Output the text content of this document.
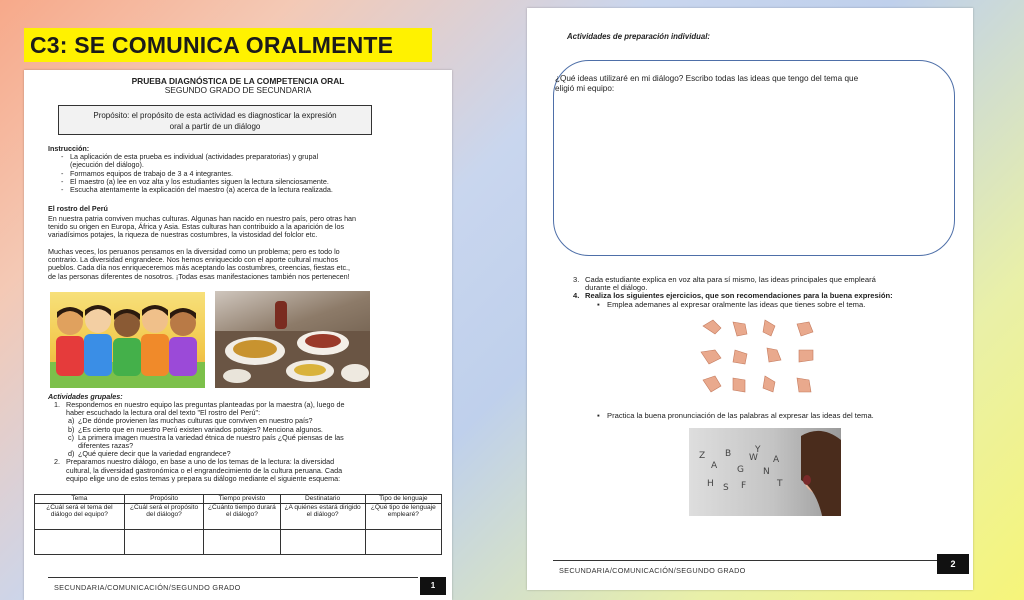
C3: SE COMUNICA ORALMENTE
PRUEBA DIAGNÓSTICA DE LA COMPETENCIA ORAL
SEGUNDO GRADO DE SECUNDARIA
Propósito: el propósito de esta actividad es diagnosticar la expresión
oral a partir de un diálogo
Instrucción:
- La aplicación de esta prueba es individual (actividades preparatorias) y grupal
(ejecución del diálogo).
- Formamos equipos de trabajo de 3 a 4 integrantes.
- El maestro (a) lee en voz alta y los estudiantes siguen la lectura silenciosamente.
- Escucha atentamente la explicación del maestro (a) acerca de la lectura realizada.
El rostro del Perú
En nuestra patria conviven muchas culturas. Algunas han nacido en nuestro país, pero otras han
tenido su origen en Europa, África y Asia. Estas culturas han contribuido a la aparición de los
variadísimos potajes, la riqueza de nuestras costumbres, la vistosidad del folclor etc.
Muchas veces, los peruanos pensamos en la diversidad como un problema; pero es todo lo
contrario. La diversidad engrandece. Nos hemos enriquecido con el aporte cultural muchos
pueblos. Cada día nos enriqueceremos más aceptando las costumbres, creencias, fiestas etc.,
de las personas diferentes de nosotros. ¡Todas esas manifestaciones también nos pertenecen!
Actividades grupales:
1. Respondemos en nuestro equipo las preguntas planteadas por la maestra (a), luego de
haber escuchado la lectura oral del texto "El rostro del Perú":
a) ¿De dónde provienen las muchas culturas que conviven en nuestro país?
b) ¿Es cierto que en nuestro Perú existen variados potajes? Menciona algunos.
c) La primera imagen muestra la variedad étnica de nuestro país ¿Qué piensas de las
diferentes razas?
d) ¿Qué quiere decir que la variedad engrandece?
2. Preparamos nuestro diálogo, en base a uno de los temas de la lectura: la diversidad
cultural, la diversidad gastronómica o el engrandecimiento de la cultura peruana. Cada
equipo elige uno de estos temas y prepara su diálogo mediante el siguiente esquema:
Tema	Propósito	Tiempo previsto	Destinatario	Tipo de lenguaje
¿Cuál será el tema del diálogo del equipo?	¿Cuál será el propósito del diálogo?	¿Cuánto tiempo durará el diálogo?	¿A quiénes estará dirigido el diálogo?	¿Qué tipo de lenguaje emplearé?

SECUNDARIA/COMUNICACIÓN/SEGUNDO GRADO	1
Actividades de preparación individual:
¿Qué ideas utilizaré en mi diálogo? Escribo todas las ideas que tengo del tema que
eligió mi equipo:
3. Cada estudiante explica en voz alta para sí mismo, las ideas principales que empleará
durante el diálogo.
4. Realiza los siguientes ejercicios, que son recomendaciones para la buena expresión:
▪ Emplea ademanes al expresar oralmente las ideas que tienes sobre el tema.
▪ Practica la buena pronunciación de las palabras al expresar las ideas del tema.
Z
A
B
G
W
N
H S F
Y
A
T
SECUNDARIA/COMUNICACIÓN/SEGUNDO GRADO
2
